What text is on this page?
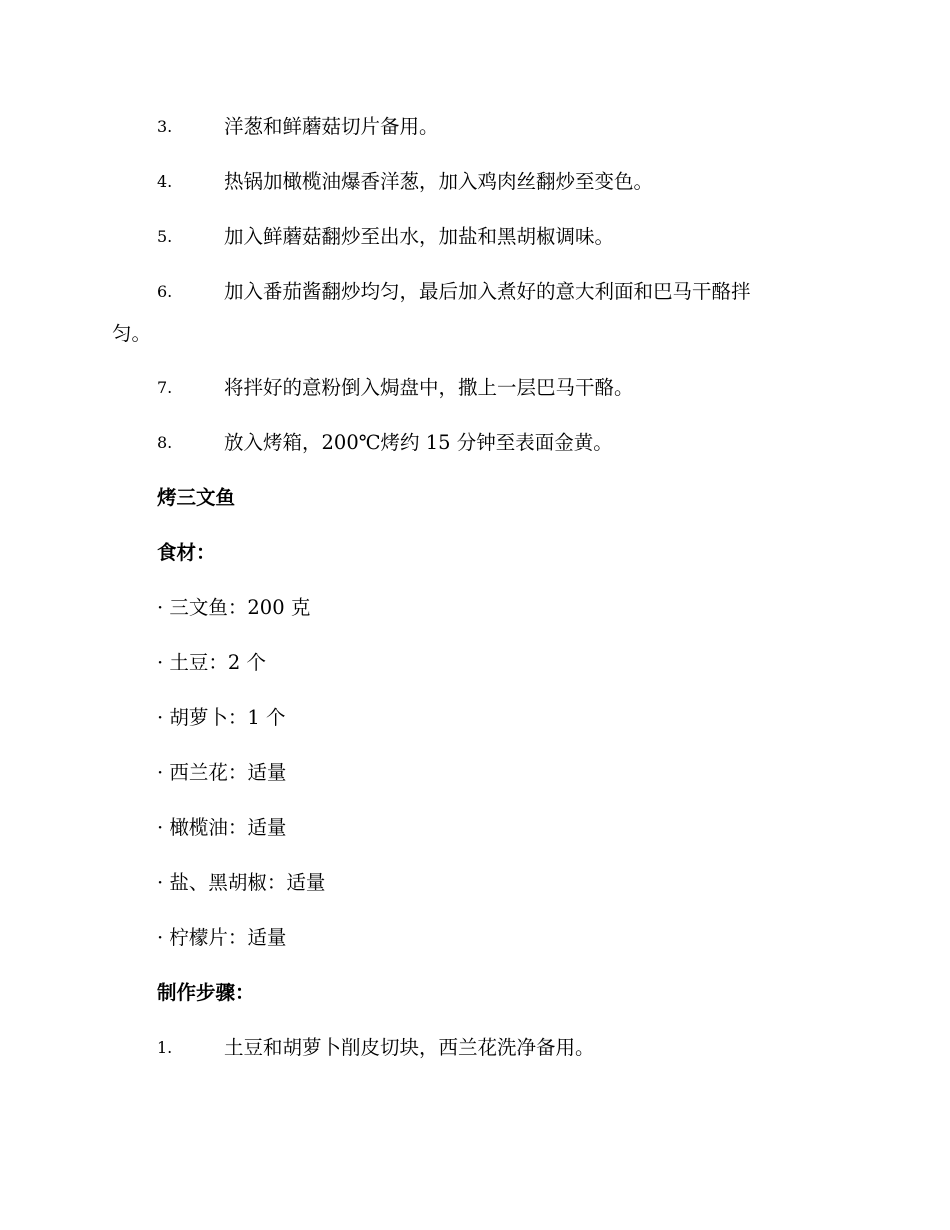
3.	洋葱和鲜蘑菇切片备用。
4.	热锅加橄榄油爆香洋葱，加入鸡肉丝翻炒至变色。
5.	加入鲜蘑菇翻炒至出水，加盐和黑胡椒调味。
6.	加入番茄酱翻炒均匀，最后加入煮好的意大利面和巴马干酪拌
匀。
7.	将拌好的意粉倒入焗盘中，撒上一层巴马干酪。
8.	放入烤箱，200℃烤约 15 分钟至表面金黄。
烤三文鱼
食材：
· 三文鱼：200 克
· 土豆：2 个
· 胡萝卜：1 个
· 西兰花：适量
· 橄榄油：适量
· 盐、黑胡椒：适量
· 柠檬片：适量
制作步骤：
1.	土豆和胡萝卜削皮切块，西兰花洗净备用。
